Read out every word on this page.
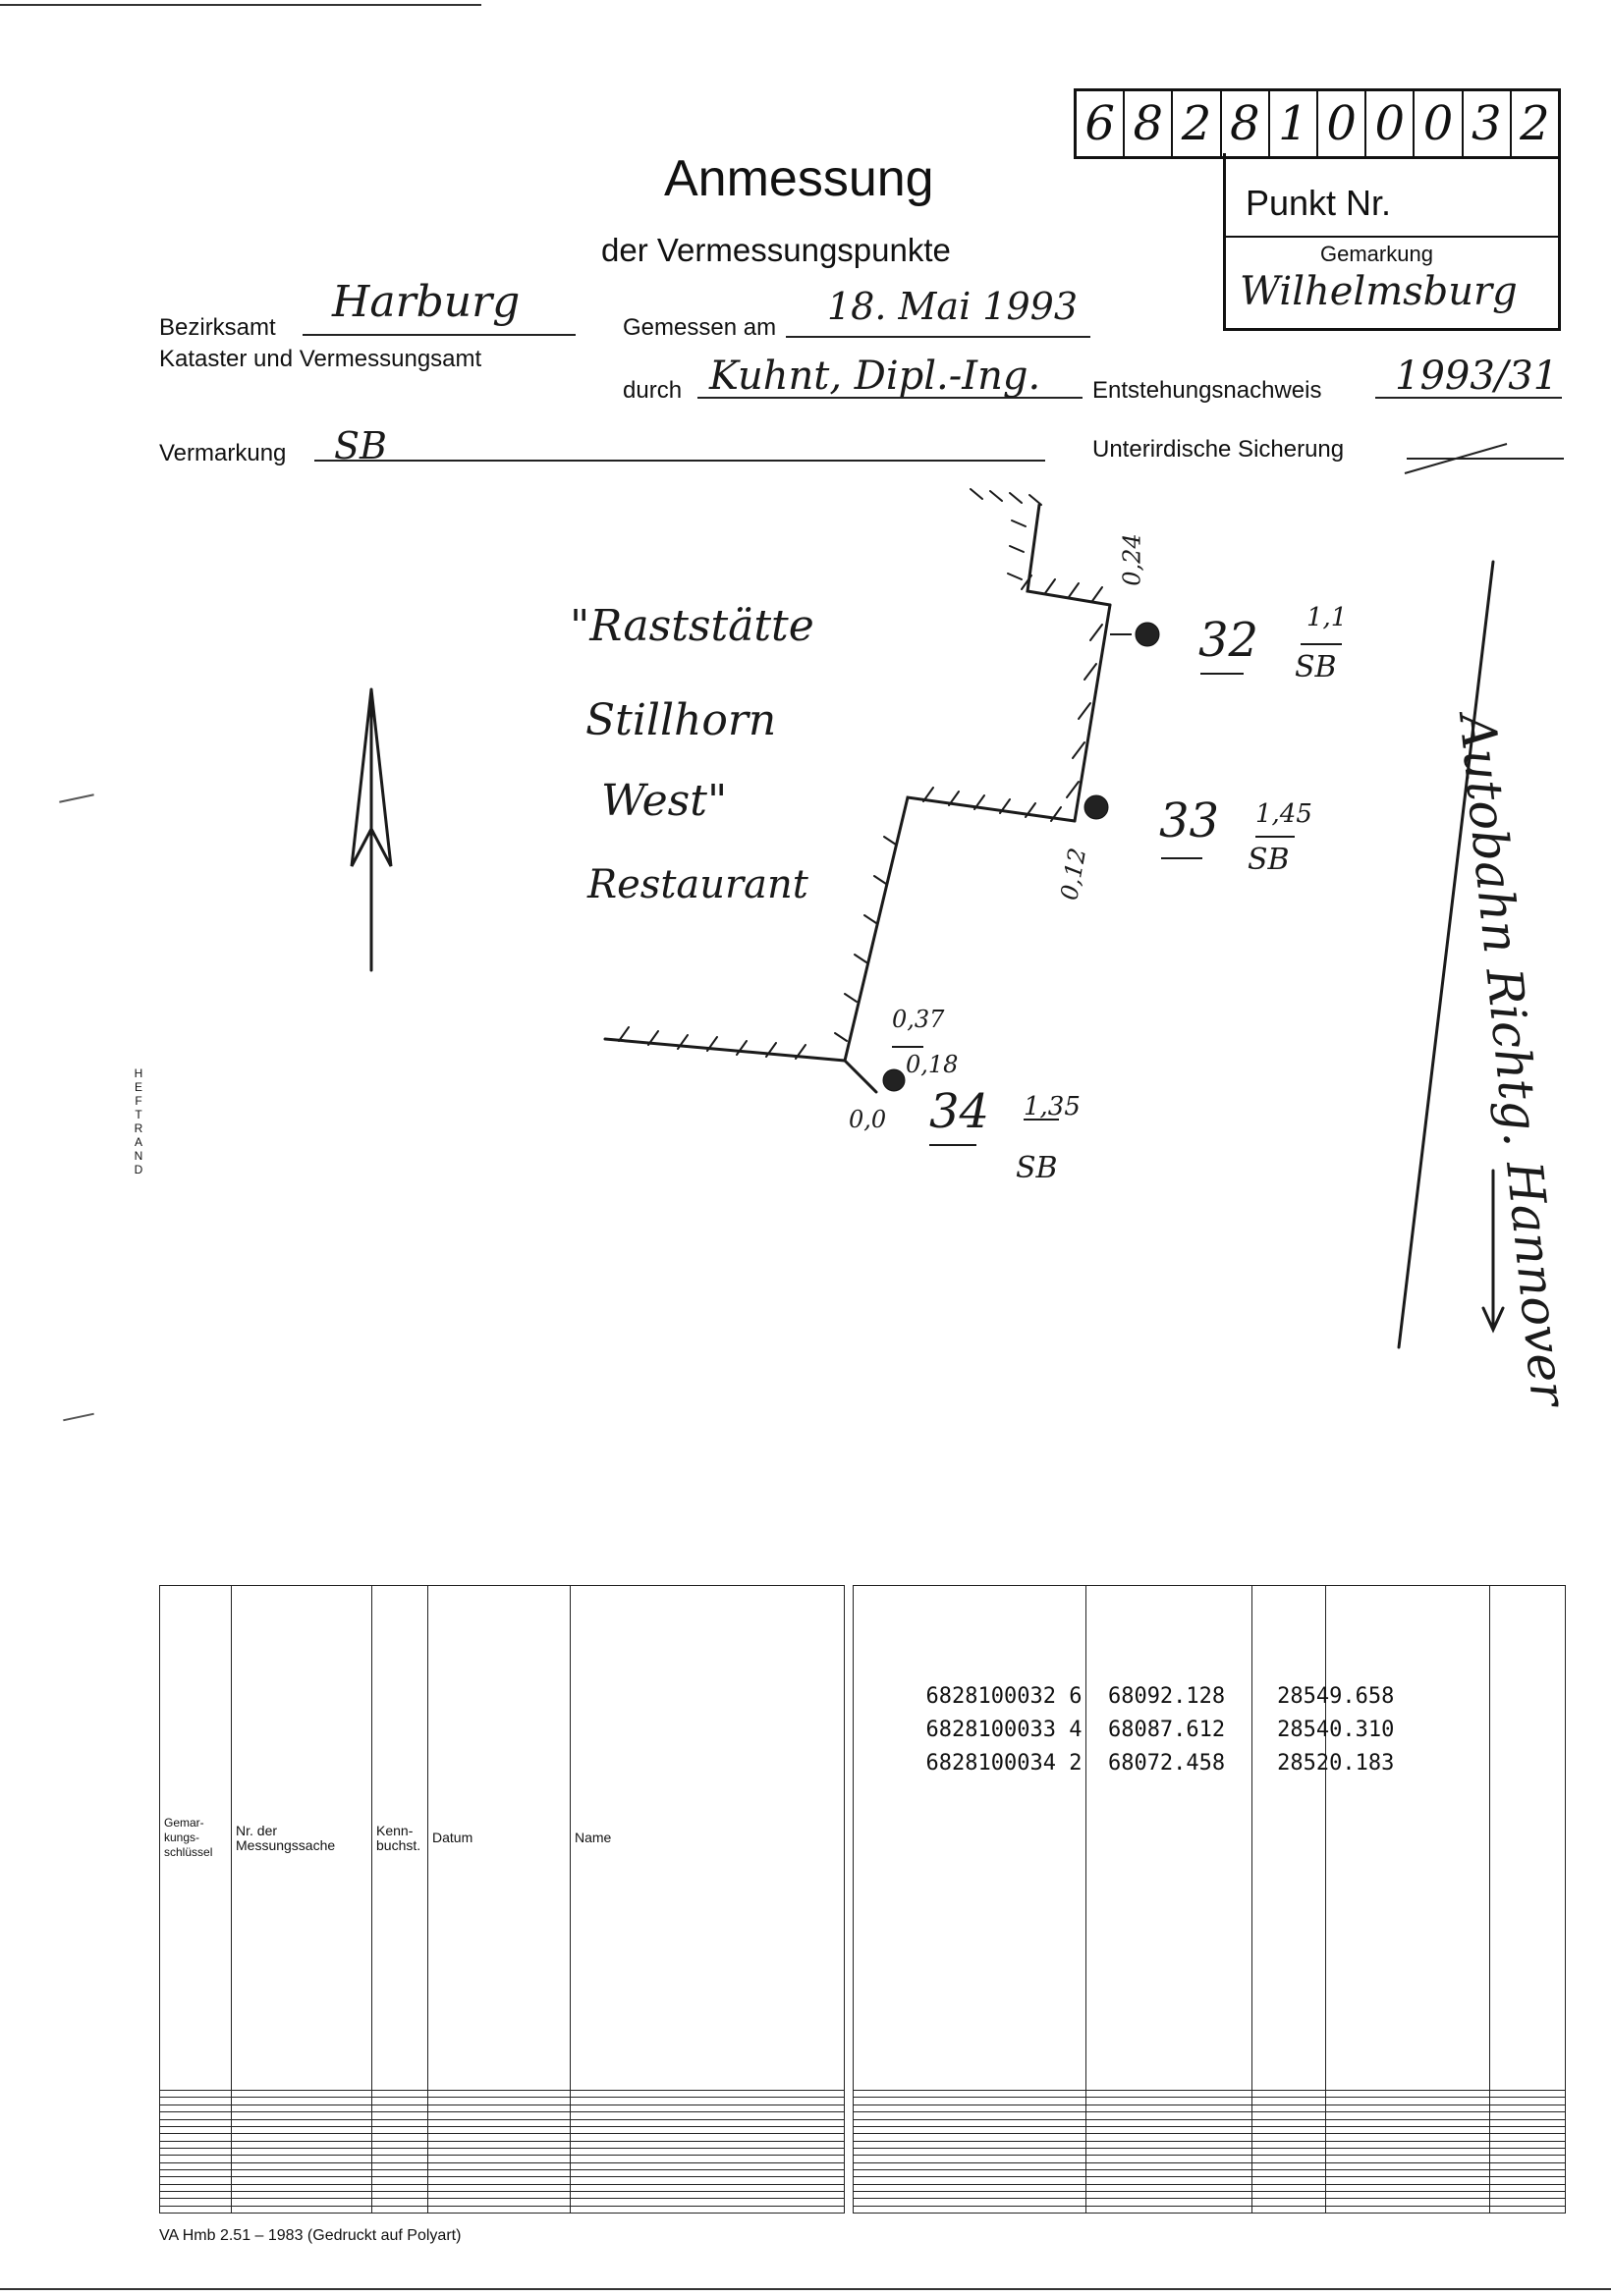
Anmessung
der Vermessungspunkte
6 8 2 8 1 0 0 0 3 2
Punkt Nr.
Gemarkung
Wilhelmsburg
Bezirksamt
Harburg
Kataster und Vermessungsamt
Gemessen am 18. Mai 1993
durch Kuhnt, Dipl.-Ing. Entstehungsnachweis 1993/31
Vermarkung SB	Unterirdische Sicherung
HEFTRAND
"Raststätte
Stillhorn
West"
Restaurant	Autobahn Richtg. Hannover
32 1,1
SB
33 1,45
SB
34 1,35
SB
0,24
0,12
0,37
0,18
0,0
Gemar-
kungs-
schlüssel	Nr. der
Messungssache	Kenn-
buchst.	Datum	Name

6828100032 6 68092.128 28549.658

6828100033 4 68087.612 28540.310

6828100034 2 68072.458 28520.183

VA Hmb 2.51 – 1983 (Gedruckt auf Polyart)
